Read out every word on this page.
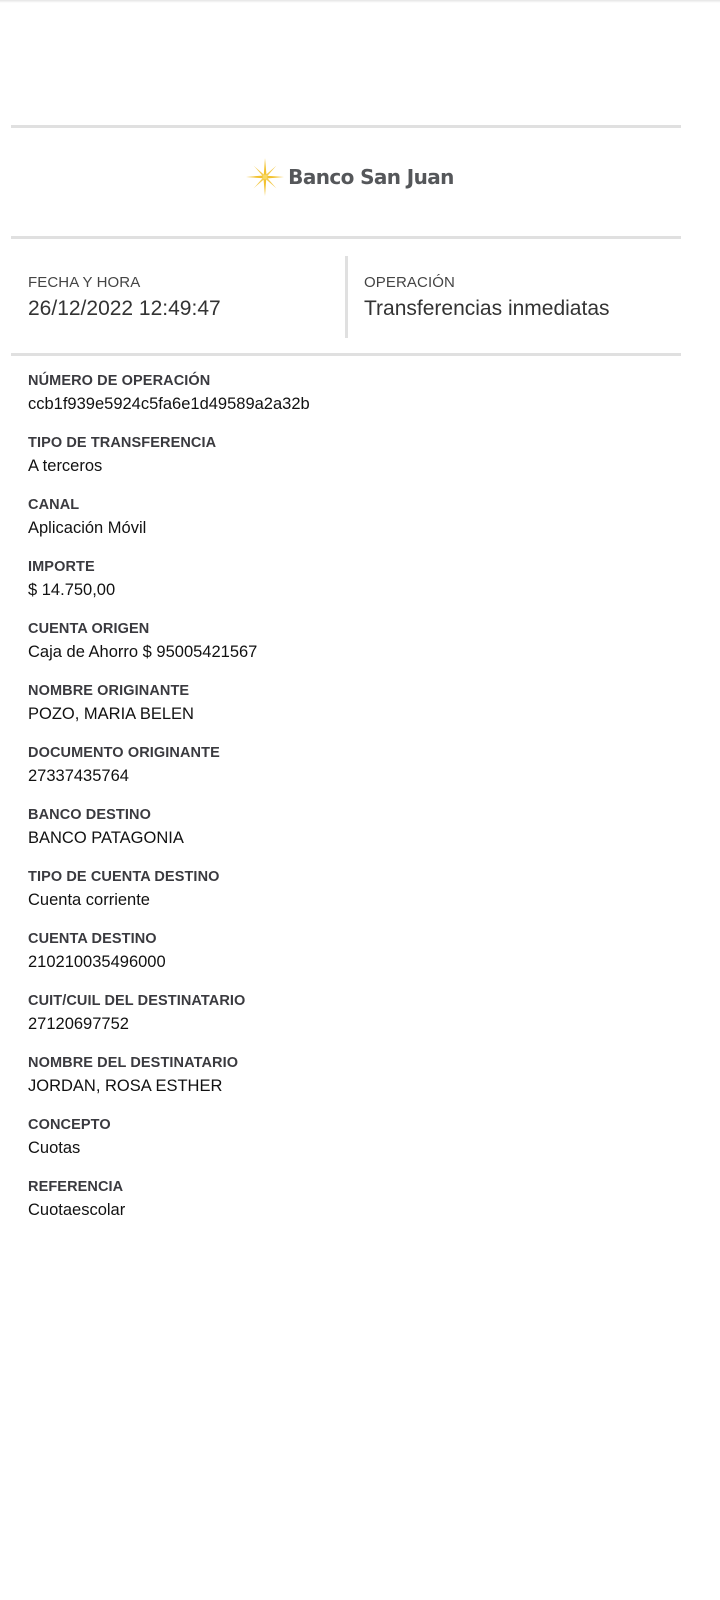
Banco San Juan
FECHA Y HORA
26/12/2022 12:49:47
OPERACIÓN
Transferencias inmediatas
NÚMERO DE OPERACIÓN
ccb1f939e5924c5fa6e1d49589a2a32b
TIPO DE TRANSFERENCIA
A terceros
CANAL
Aplicación Móvil
IMPORTE
$ 14.750,00
CUENTA ORIGEN
Caja de Ahorro $ 95005421567
NOMBRE ORIGINANTE
POZO, MARIA BELEN
DOCUMENTO ORIGINANTE
27337435764
BANCO DESTINO
BANCO PATAGONIA
TIPO DE CUENTA DESTINO
Cuenta corriente
CUENTA DESTINO
210210035496000
CUIT/CUIL DEL DESTINATARIO
27120697752
NOMBRE DEL DESTINATARIO
JORDAN, ROSA ESTHER
CONCEPTO
Cuotas
REFERENCIA
Cuotaescolar
